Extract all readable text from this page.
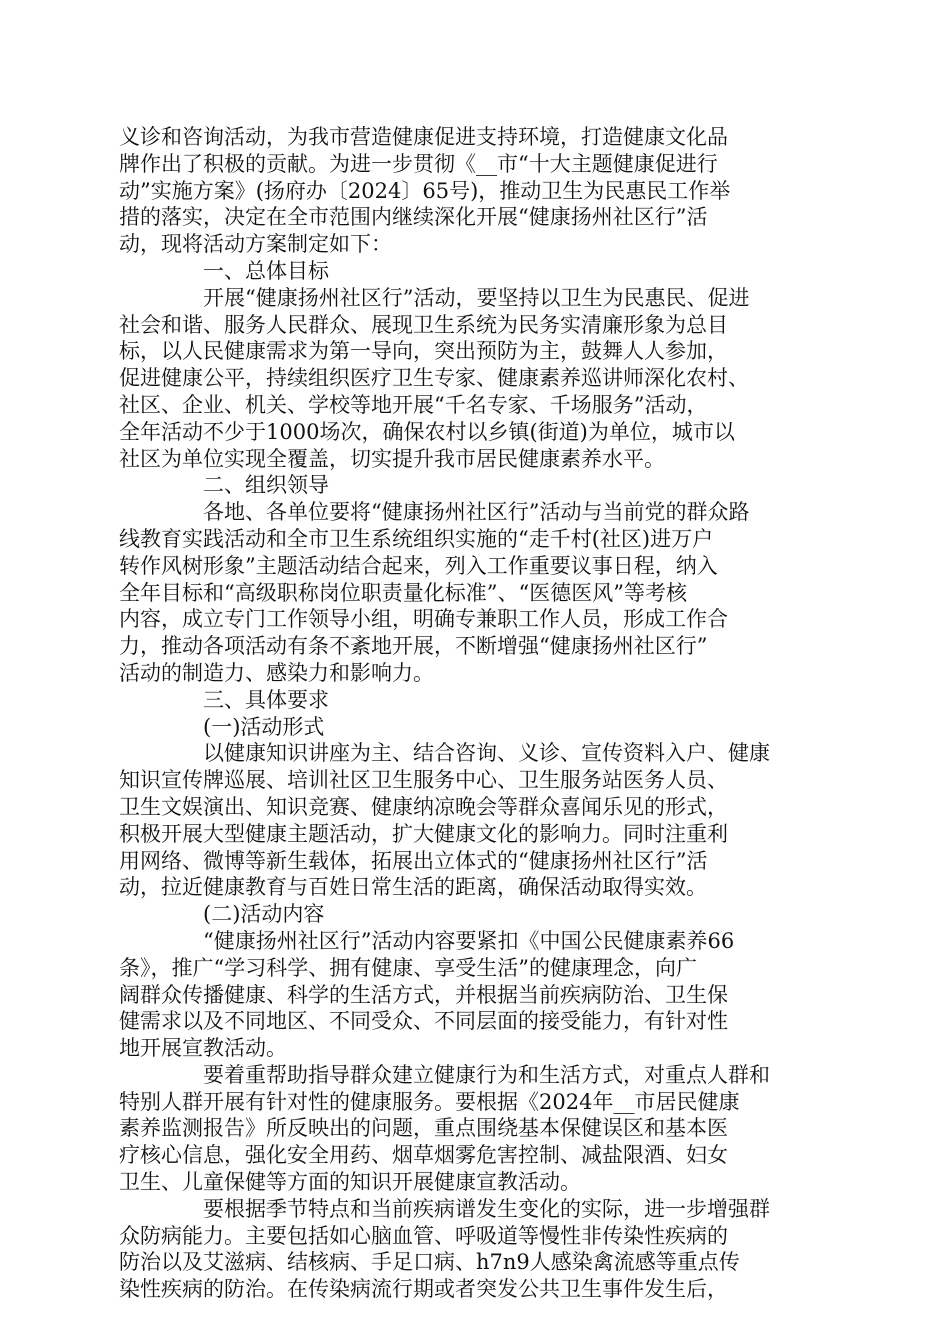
义诊和咨询活动，为我市营造健康促进支持环境，打造健康文化品
牌作出了积极的贡献。为进一步贯彻《__市“十大主题健康促进行
动”实施方案》(扬府办〔2024〕65号)，推动卫生为民惠民工作举
措的落实，决定在全市范围内继续深化开展“健康扬州社区行”活
动，现将活动方案制定如下：
一、总体目标
开展“健康扬州社区行”活动，要坚持以卫生为民惠民、促进
社会和谐、服务人民群众、展现卫生系统为民务实清廉形象为总目
标，以人民健康需求为第一导向，突出预防为主，鼓舞人人参加，
促进健康公平，持续组织医疗卫生专家、健康素养巡讲师深化农村、
社区、企业、机关、学校等地开展“千名专家、千场服务”活动，
全年活动不少于1000场次，确保农村以乡镇(街道)为单位，城市以
社区为单位实现全覆盖，切实提升我市居民健康素养水平。
二、组织领导
各地、各单位要将“健康扬州社区行”活动与当前党的群众路
线教育实践活动和全市卫生系统组织实施的“走千村(社区)进万户
转作风树形象”主题活动结合起来，列入工作重要议事日程，纳入
全年目标和“高级职称岗位职责量化标准”、“医德医风”等考核
内容，成立专门工作领导小组，明确专兼职工作人员，形成工作合
力，推动各项活动有条不紊地开展，不断增强“健康扬州社区行”
活动的制造力、感染力和影响力。
三、具体要求
(一)活动形式
以健康知识讲座为主、结合咨询、义诊、宣传资料入户、健康
知识宣传牌巡展、培训社区卫生服务中心、卫生服务站医务人员、
卫生文娱演出、知识竞赛、健康纳凉晚会等群众喜闻乐见的形式，
积极开展大型健康主题活动，扩大健康文化的影响力。同时注重利
用网络、微博等新生载体，拓展出立体式的“健康扬州社区行”活
动，拉近健康教育与百姓日常生活的距离，确保活动取得实效。
(二)活动内容
“健康扬州社区行”活动内容要紧扣《中国公民健康素养66
条》，推广“学习科学、拥有健康、享受生活”的健康理念，向广
阔群众传播健康、科学的生活方式，并根据当前疾病防治、卫生保
健需求以及不同地区、不同受众、不同层面的接受能力，有针对性
地开展宣教活动。
要着重帮助指导群众建立健康行为和生活方式，对重点人群和
特别人群开展有针对性的健康服务。要根据《2024年__市居民健康
素养监测报告》所反映出的问题，重点围绕基本保健误区和基本医
疗核心信息，强化安全用药、烟草烟雾危害控制、减盐限酒、妇女
卫生、儿童保健等方面的知识开展健康宣教活动。
要根据季节特点和当前疾病谱发生变化的实际，进一步增强群
众防病能力。主要包括如心脑血管、呼吸道等慢性非传染性疾病的
防治以及艾滋病、结核病、手足口病、h7n9人感染禽流感等重点传
染性疾病的防治。在传染病流行期或者突发公共卫生事件发生后，
